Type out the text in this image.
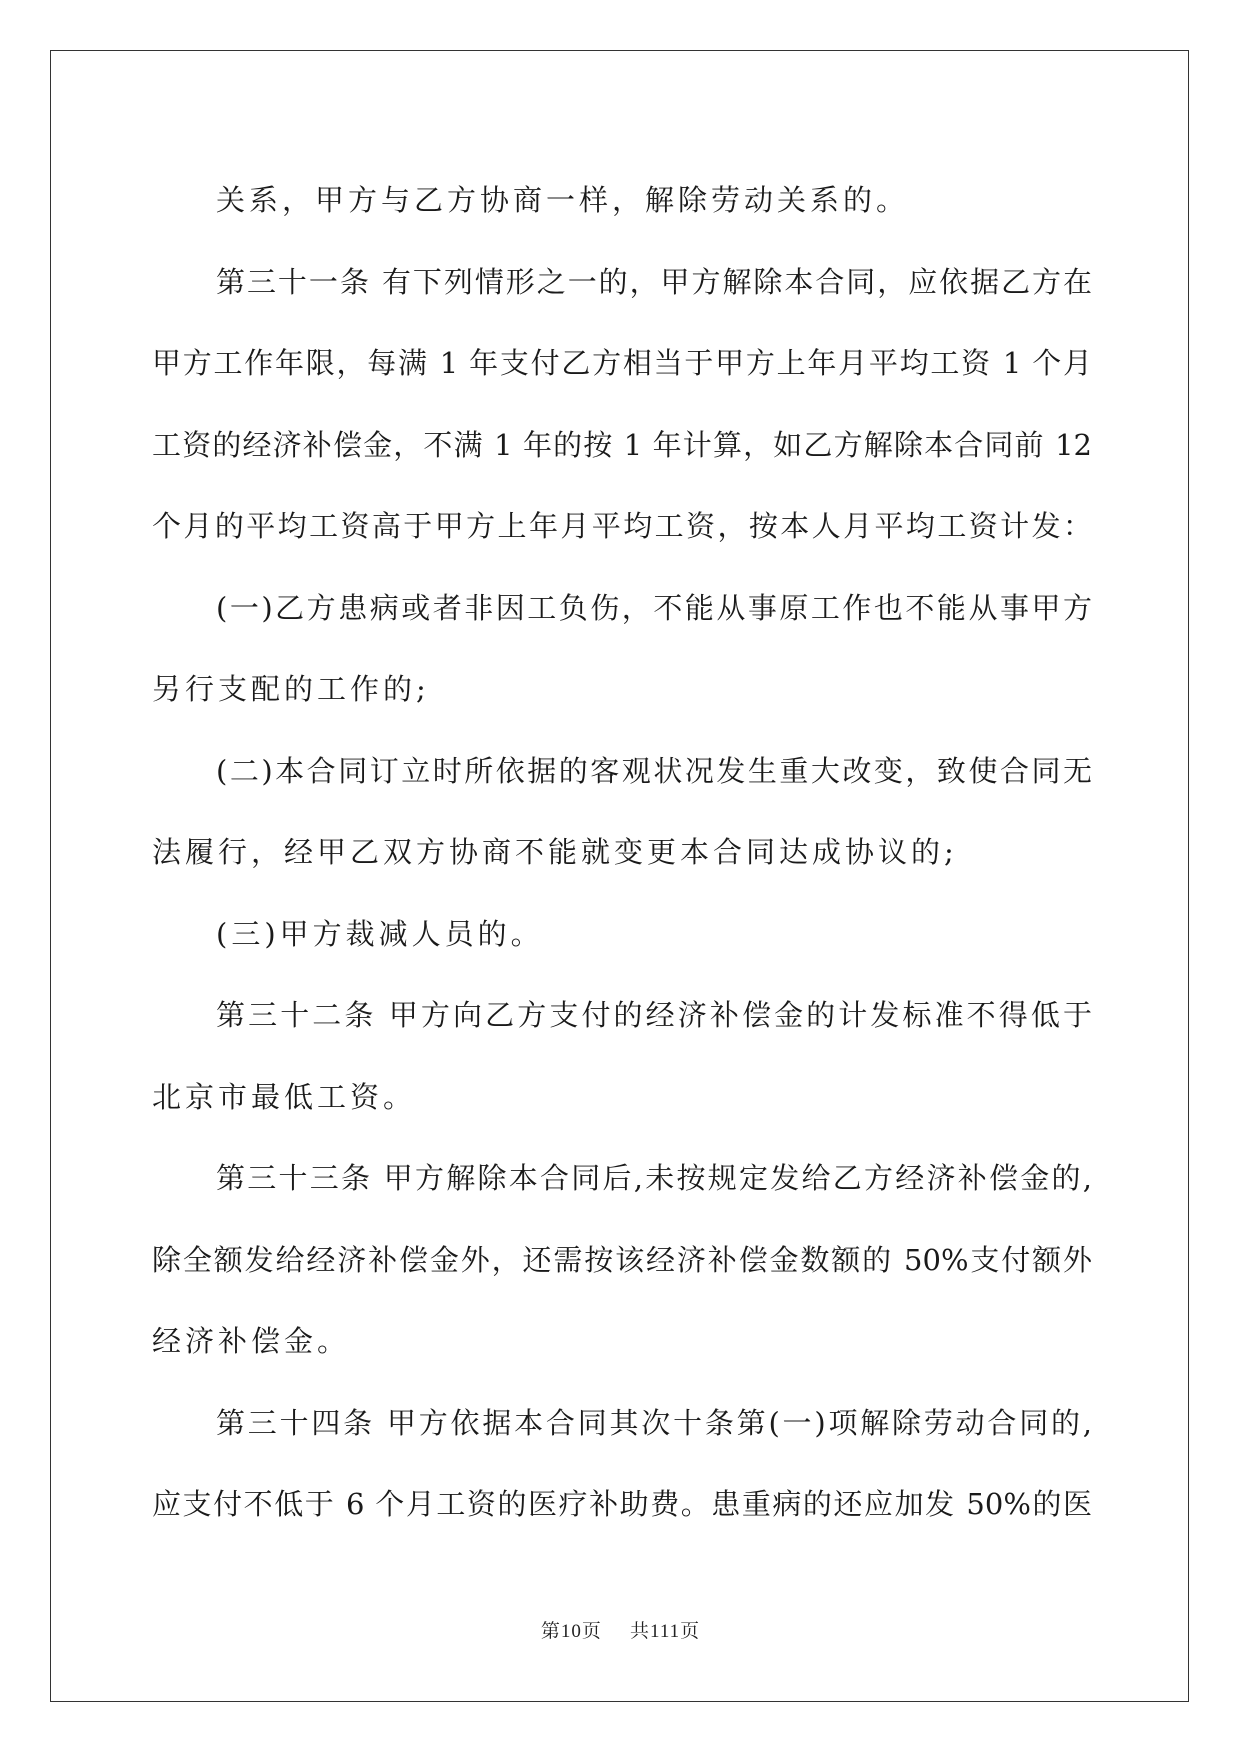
关系，甲方与乙方协商一样，解除劳动关系的。
第三十一条 有下列情形之一的，甲方解除本合同，应依据乙方在
甲方工作年限，每满 1 年支付乙方相当于甲方上年月平均工资 1 个月
工资的经济补偿金，不满 1 年的按 1 年计算，如乙方解除本合同前 12
个月的平均工资高于甲方上年月平均工资，按本人月平均工资计发：
(一)乙方患病或者非因工负伤，不能从事原工作也不能从事甲方
另行支配的工作的;
(二)本合同订立时所依据的客观状况发生重大改变，致使合同无
法履行，经甲乙双方协商不能就变更本合同达成协议的;
(三)甲方裁减人员的。
第三十二条 甲方向乙方支付的经济补偿金的计发标准不得低于
北京市最低工资。
第三十三条 甲方解除本合同后,未按规定发给乙方经济补偿金的,
除全额发给经济补偿金外，还需按该经济补偿金数额的 50%支付额外
经济补偿金。
第三十四条 甲方依据本合同其次十条第(一)项解除劳动合同的,
应支付不低于 6 个月工资的医疗补助费。患重病的还应加发 50%的医
第10页 共111页
